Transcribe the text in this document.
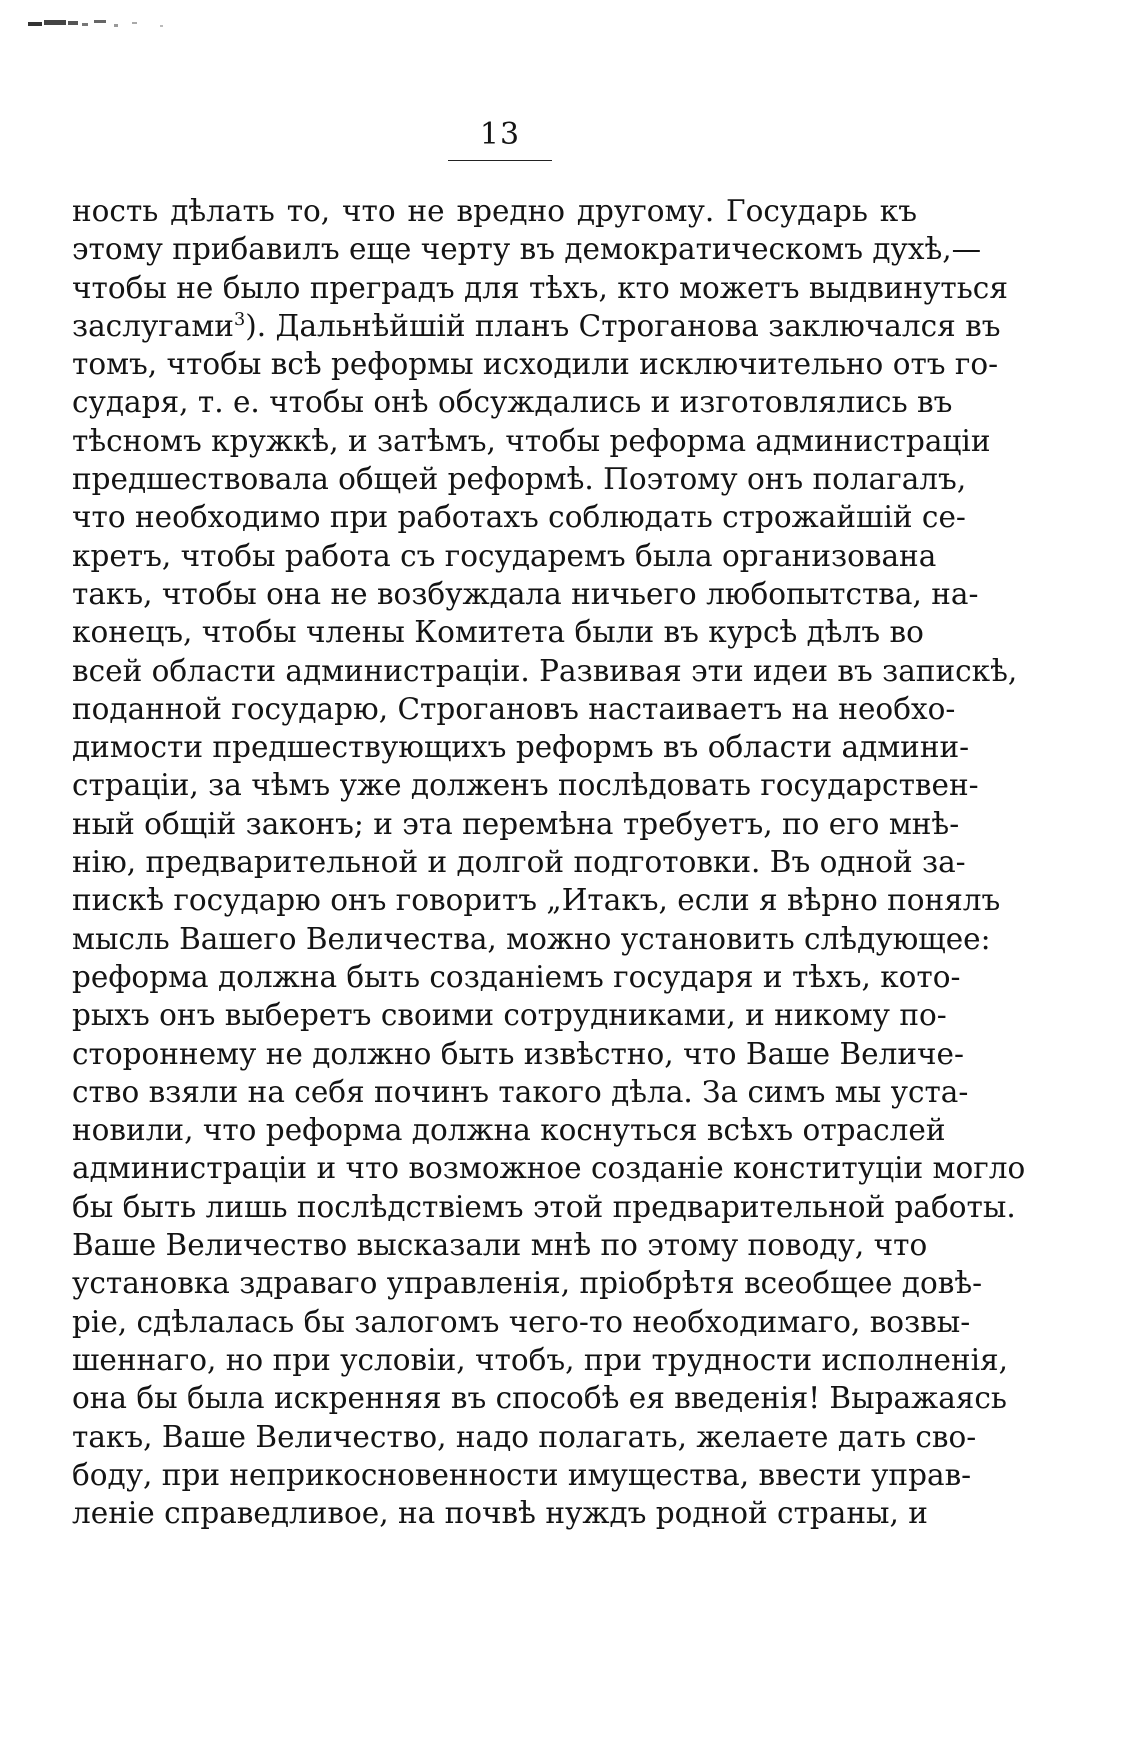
13
ность дѣлать то, что не вредно другому. Государь къ
этому прибавилъ еще черту въ демократическомъ духѣ,—
чтобы не было преградъ для тѣхъ, кто можетъ выдвинуться
заслугами$^3$). Дальнѣйшій планъ Строганова заключался въ
томъ, чтобы всѣ реформы исходили исключительно отъ го-
сударя, т. е. чтобы онѣ обсуждались и изготовлялись въ
тѣсномъ кружкѣ, и затѣмъ, чтобы реформа администраціи
предшествовала общей реформѣ. Поэтому онъ полагалъ,
что необходимо при работахъ соблюдать строжайшій се-
кретъ, чтобы работа съ государемъ была организована
такъ, чтобы она не возбуждала ничьего любопытства, на-
конецъ, чтобы члены Комитета были въ курсѣ дѣлъ во
всей области администраціи. Развивая эти идеи въ запискѣ,
поданной государю, Строгановъ настаиваетъ на необхо-
димости предшествующихъ реформъ въ области админи-
страціи, за чѣмъ уже долженъ послѣдовать государствен-
ный общій законъ; и эта перемѣна требуетъ, по его мнѣ-
нію, предварительной и долгой подготовки. Въ одной за-
пискѣ государю онъ говоритъ „Итакъ, если я вѣрно понялъ
мысль Вашего Величества, можно установить слѣдующее:
реформа должна быть созданіемъ государя и тѣхъ, кото-
рыхъ онъ выберетъ своими сотрудниками, и никому по-
стороннему не должно быть извѣстно, что Ваше Величе-
ство взяли на себя починъ такого дѣла. За симъ мы уста-
новили, что реформа должна коснуться всѣхъ отраслей
администраціи и что возможное созданіе конституціи могло
бы быть лишь послѣдствіемъ этой предварительной работы.
Ваше Величество высказали мнѣ по этому поводу, что
установка здраваго управленія, пріобрѣтя всеобщее довѣ-
ріе, сдѣлалась бы залогомъ чего-то необходимаго, возвы-
шеннаго, но при условіи, чтобъ, при трудности исполненія,
она бы была искренняя въ способѣ ея введенія! Выражаясь
такъ, Ваше Величество, надо полагать, желаете дать сво-
боду, при неприкосновенности имущества, ввести управ-
леніе справедливое, на почвѣ нуждъ родной страны, и
